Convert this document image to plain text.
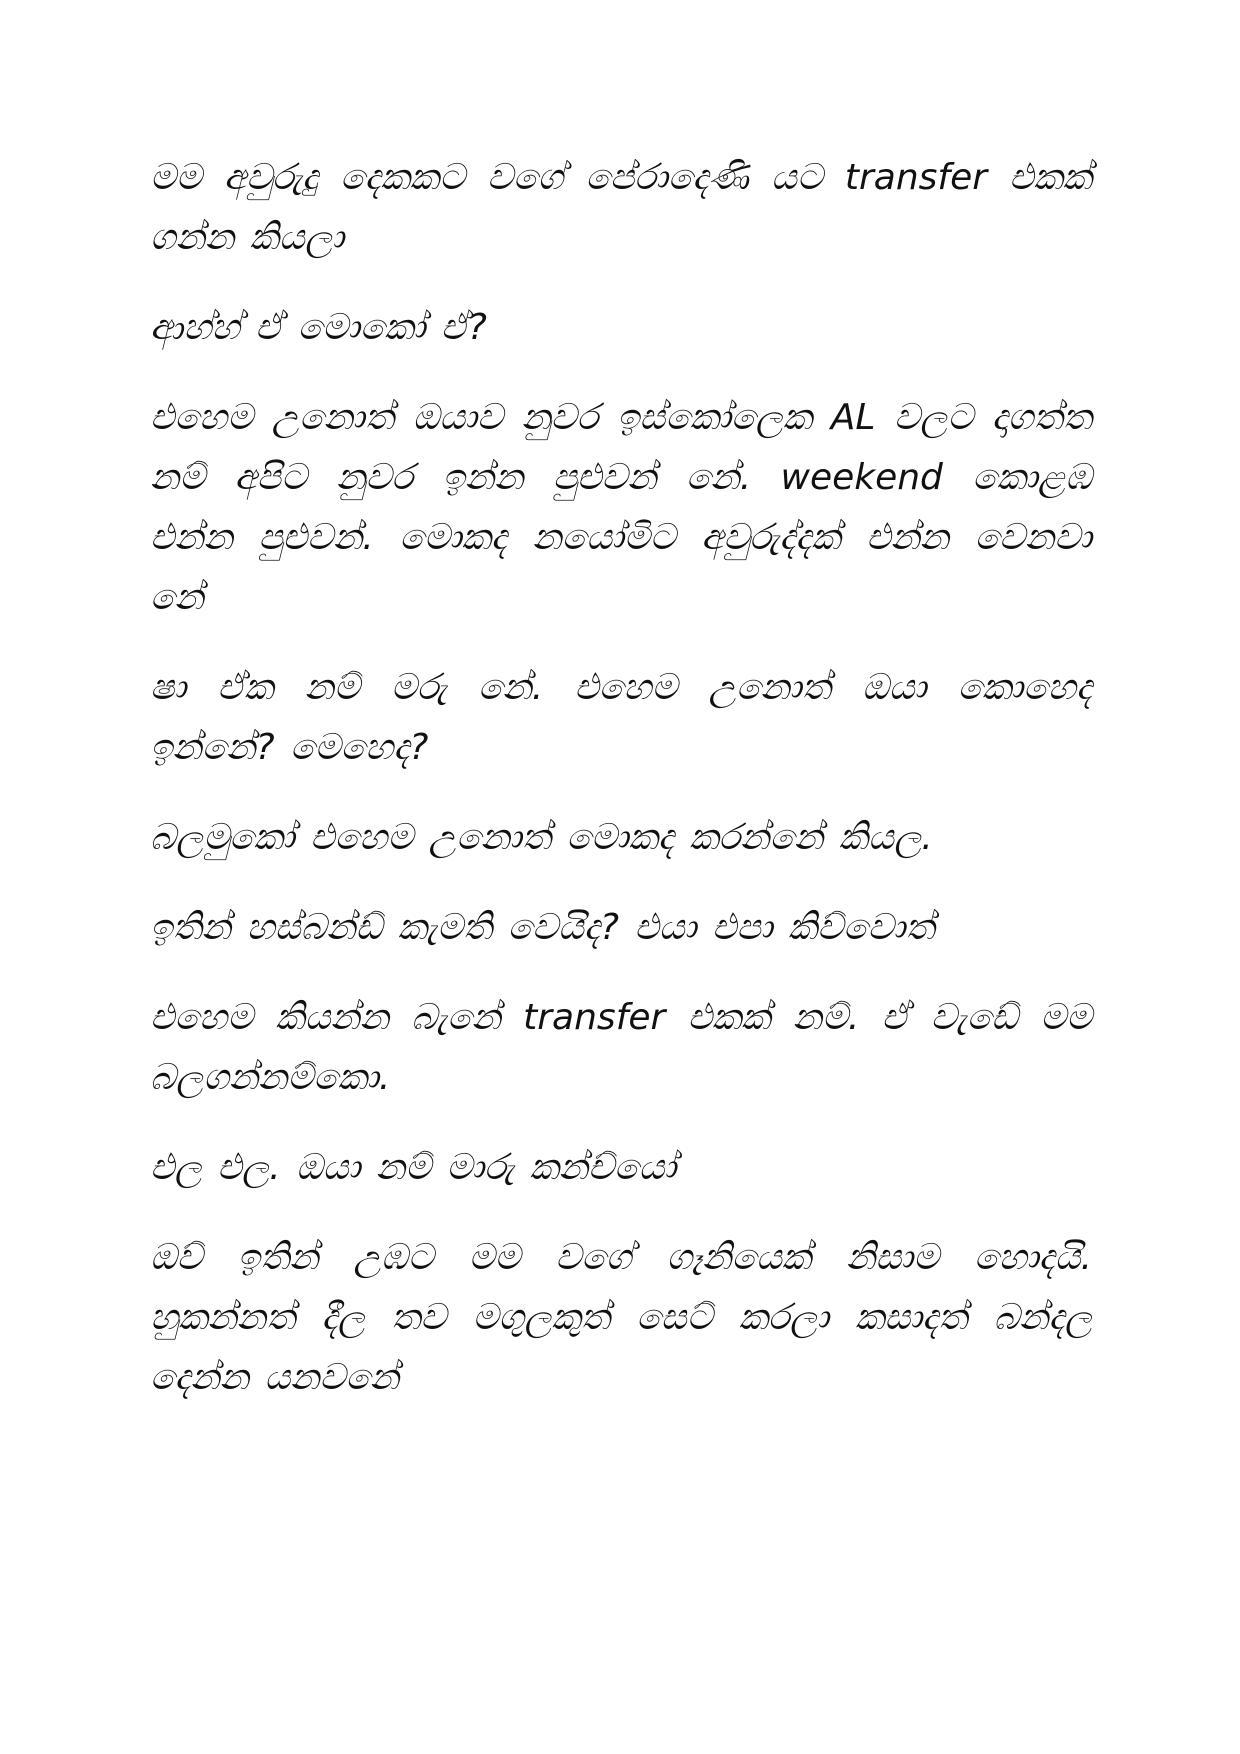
මම අවුරුදු දෙකකට වගේ පේරාදෙණි යට transfer එකක් ගන්න කියලා

ආහ්හ් ඒ මොකෝ ඒ?

එහෙම උනොත් ඔයාව නුවර ඉස්කෝලෙක AL වලට දාගත්ත නම් අපිට නුවර ඉන්න පුළුවන් නේ. weekend කොළඹ එන්න පුළුවන්. මොකද නයෝමිට අවුරුද්දක් එන්න වෙනවා නේ

ෂා ඒක නම් මරු නේ. එහෙම උනොත් ඔයා කොහෙද ඉන්නේ? මෙහෙද?

බලමුකෝ එහෙම උනොත් මොකද කරන්නේ කියල.

ඉතින් හස්බන්ඩ් කැමති වෙයිද? එයා එපා කිව්වොත්

එහෙම කියන්න බැනේ transfer එකක් නම්. ඒ වැඩේ මම බලගන්නම්කො.

එල එල. ඔයා නම් මාරු කන්ච්යෝ

ඔව් ඉතින් උඹට මම වගේ ගෑනියෙක් නිසාම හොදයි. හුකන්නත් දීල තව මගුලකුත් සෙට් කරලා කසාදත් බන්දල දෙන්න යනවනේ
